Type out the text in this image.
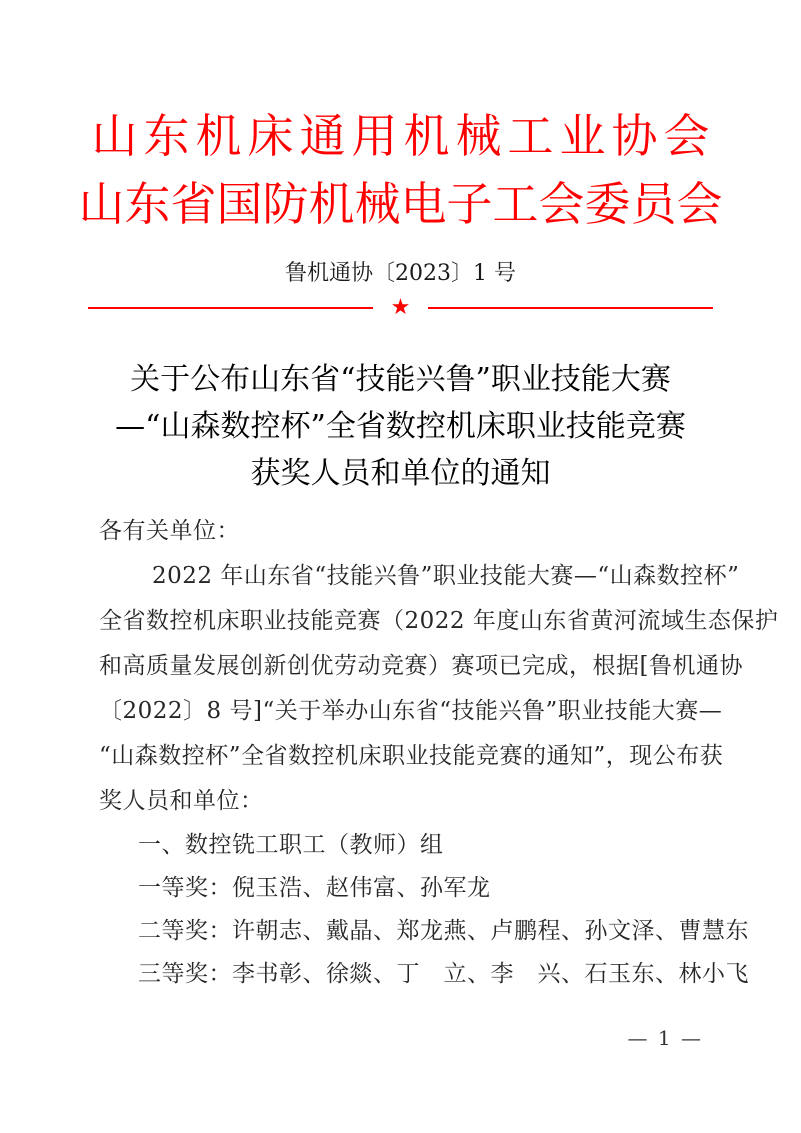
山东机床通用机械工业协会
山东省国防机械电子工会委员会
鲁机通协〔2023〕1 号
★
关于公布山东省“技能兴鲁”职业技能大赛
—“山森数控杯”全省数控机床职业技能竞赛
获奖人员和单位的通知
各有关单位：
2022 年山东省“技能兴鲁”职业技能大赛—“山森数控杯”
全省数控机床职业技能竞赛（2022 年度山东省黄河流域生态保护
和高质量发展创新创优劳动竞赛）赛项已完成，根据[鲁机通协
〔2022〕8 号]“关于举办山东省“技能兴鲁”职业技能大赛—
“山森数控杯”全省数控机床职业技能竞赛的通知”，现公布获
奖人员和单位：
一、数控铣工职工（教师）组
一等奖：倪玉浩、赵伟富、孙军龙
二等奖：许朝志、戴晶、郑龙燕、卢鹏程、孙文泽、曹慧东
三等奖：李书彰、徐燚、丁　立、李　兴、石玉东、林小飞
— 1 —
